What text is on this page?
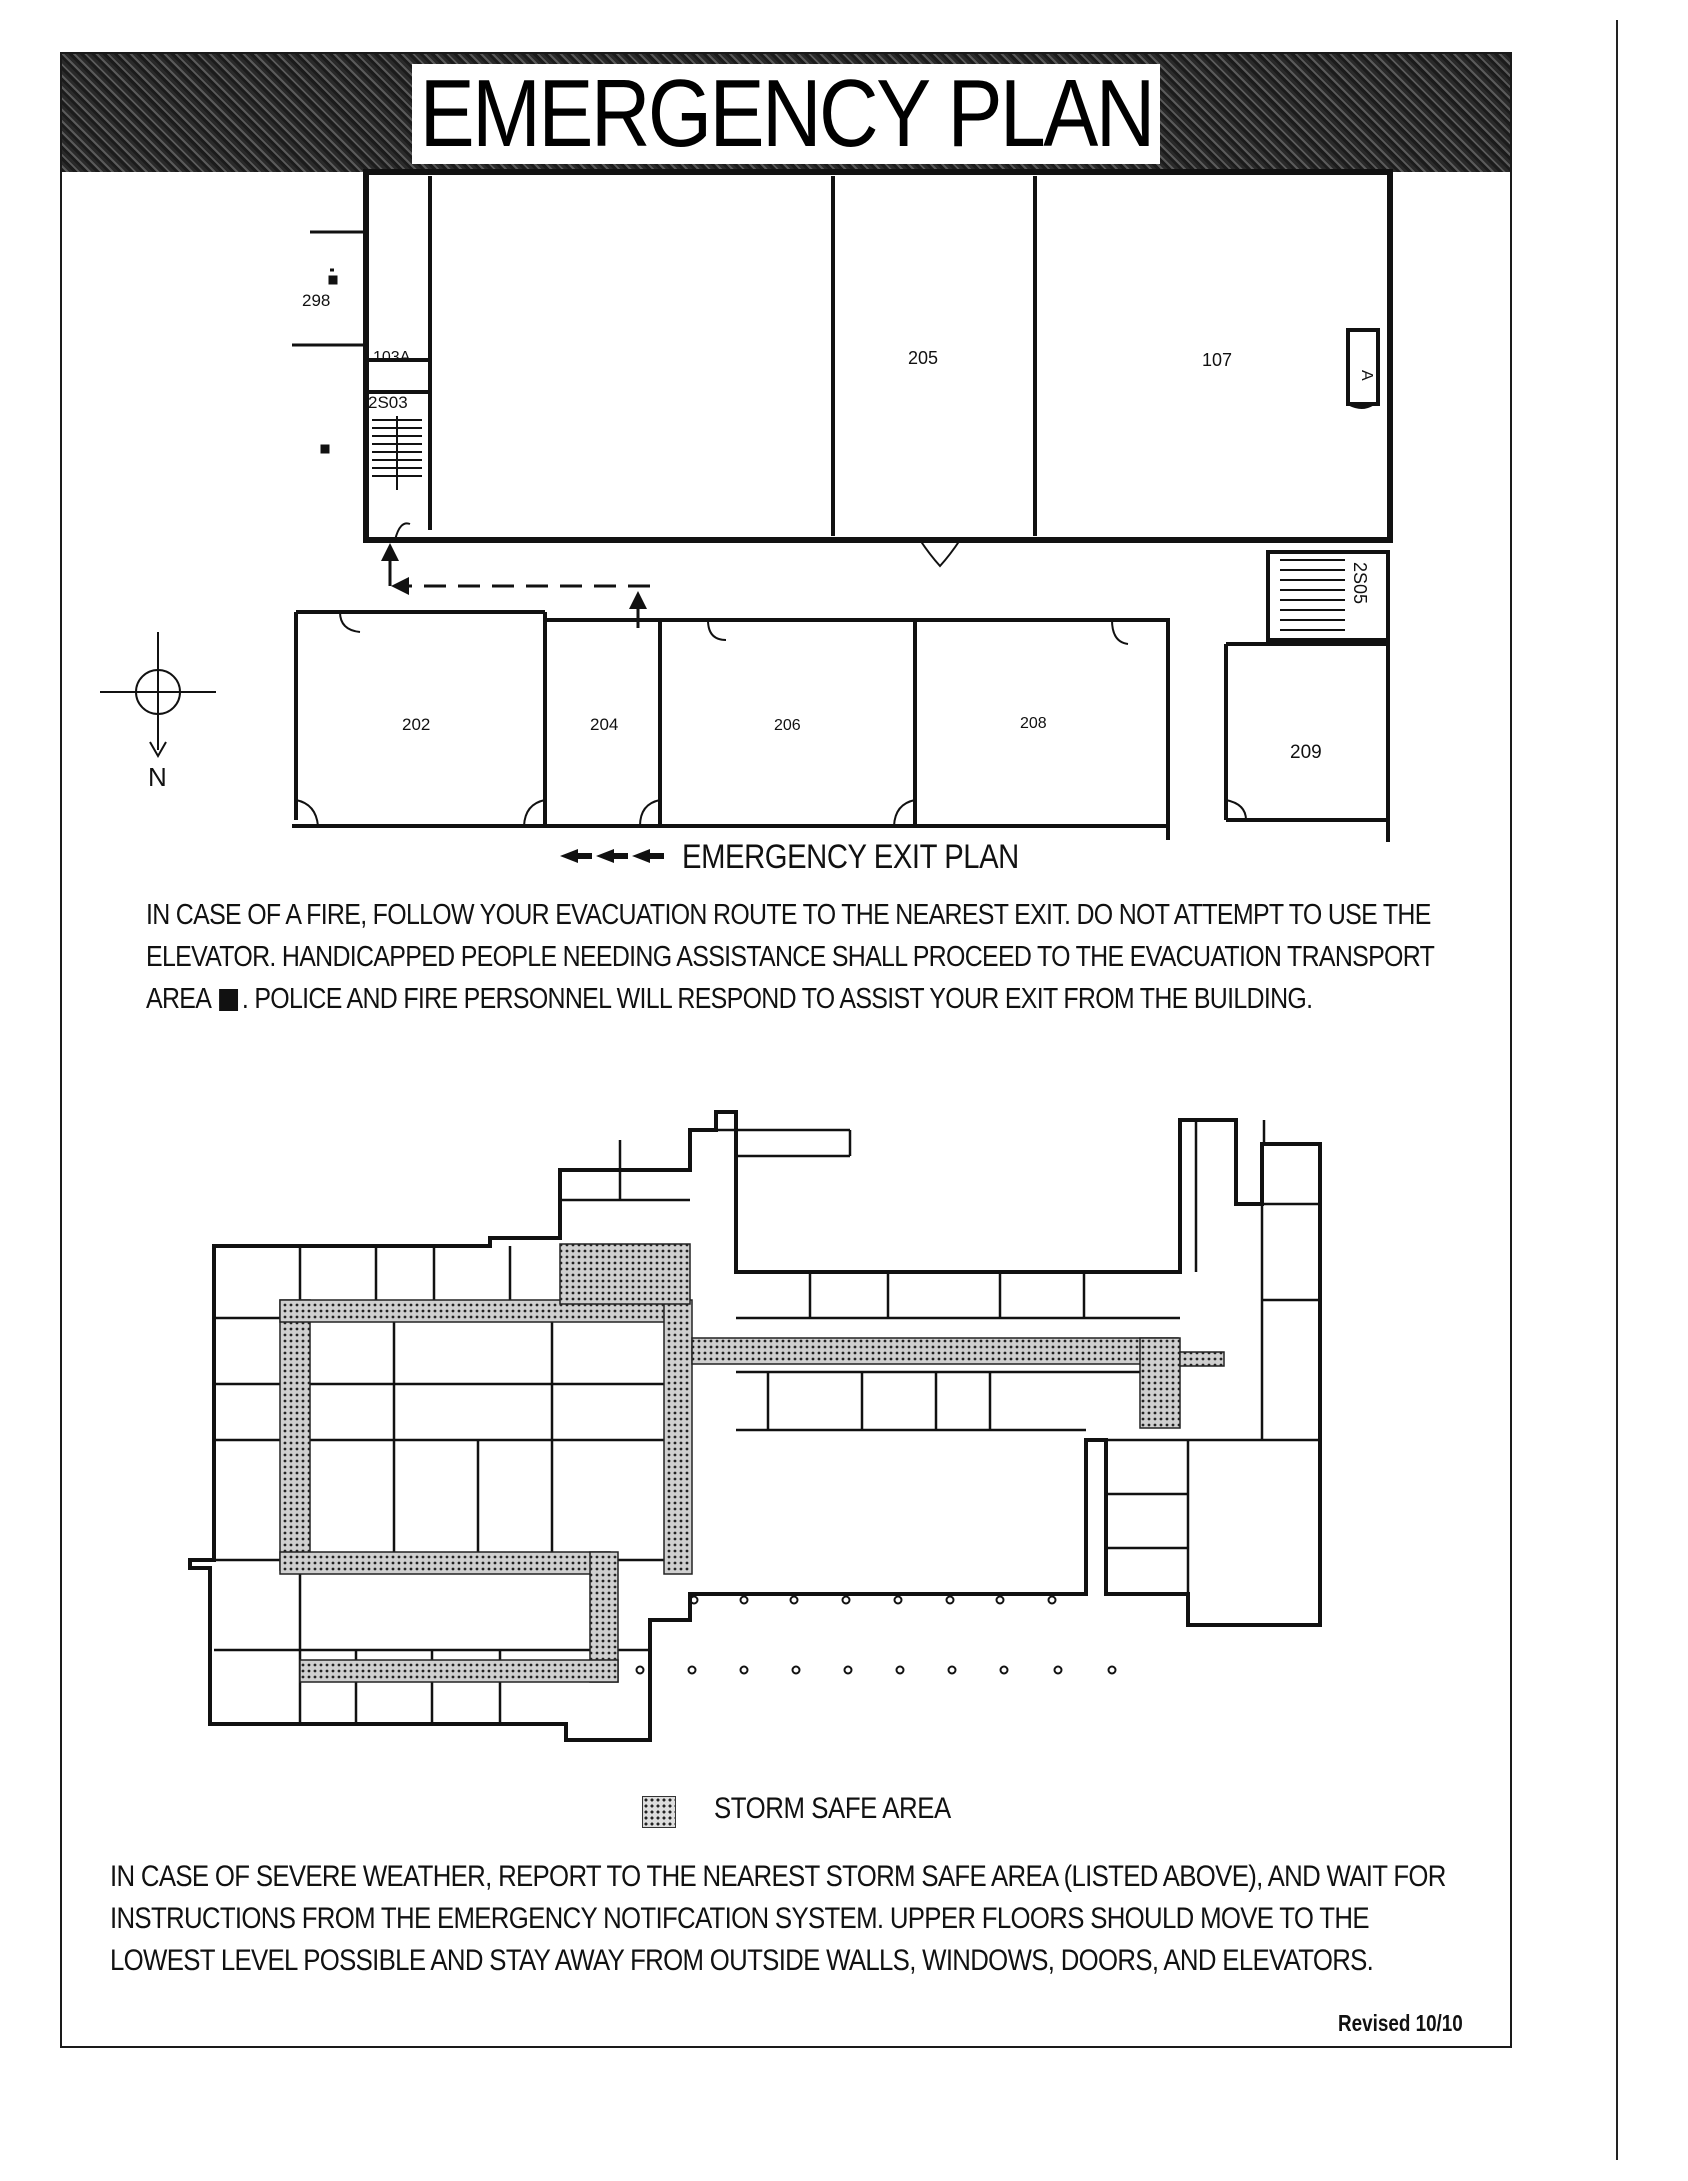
EMERGENCY PLAN
298
103A
2S03
205	107
A
2S05
202	204	206	208
209
N
EMERGENCY EXIT PLAN
IN CASE OF A FIRE, FOLLOW YOUR EVACUATION ROUTE TO THE NEAREST EXIT. DO NOT ATTEMPT TO USE THE
ELEVATOR. HANDICAPPED PEOPLE NEEDING ASSISTANCE SHALL PROCEED TO THE EVACUATION TRANSPORT
AREA . POLICE AND FIRE PERSONNEL WILL RESPOND TO ASSIST YOUR EXIT FROM THE BUILDING.
STORM SAFE AREA
IN CASE OF SEVERE WEATHER, REPORT TO THE NEAREST STORM SAFE AREA (LISTED ABOVE), AND WAIT FOR
INSTRUCTIONS FROM THE EMERGENCY NOTIFCATION SYSTEM. UPPER FLOORS SHOULD MOVE TO THE
LOWEST LEVEL POSSIBLE AND STAY AWAY FROM OUTSIDE WALLS, WINDOWS, DOORS, AND ELEVATORS.
Revised 10/10
